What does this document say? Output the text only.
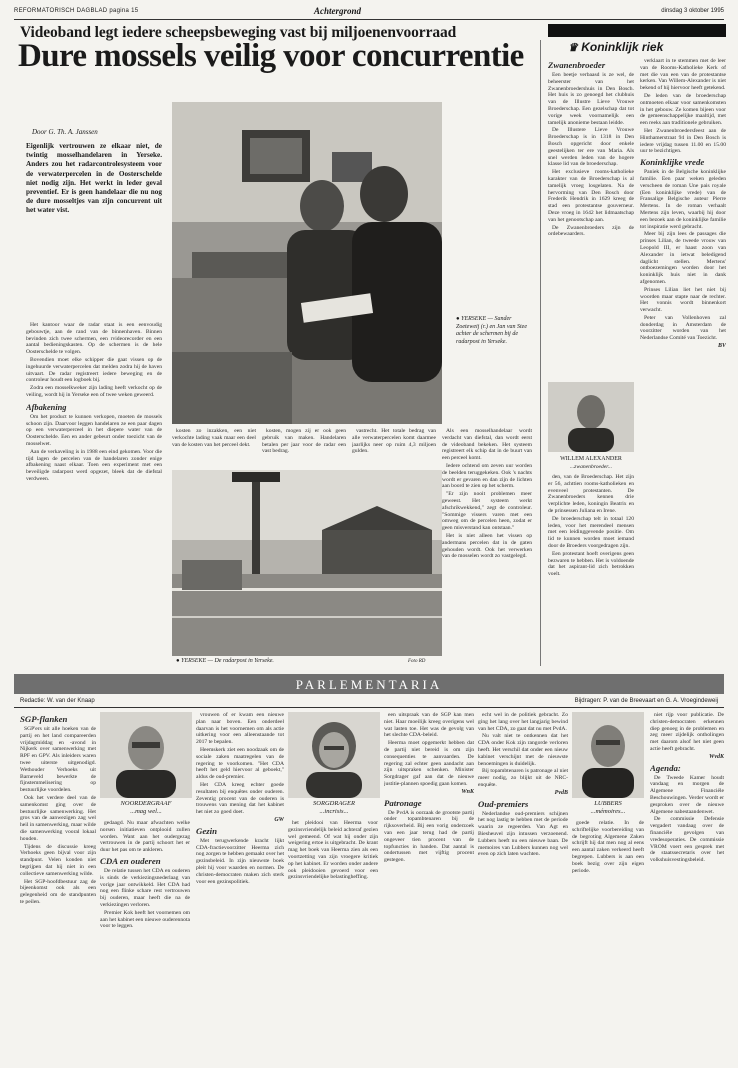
REFORMATORISCH DAGBLAD pagina 15	Achtergrond	dinsdag 3 oktober 1995
Videoband legt iedere scheepsbeweging vast bij miljoenenvoorraad
Dure mossels veilig voor concurrentie	♛ Koninklijk riek
Door G. Th. A. Janssen
Eigenlijk vertrouwen ze elkaar niet, de twintig mosselhandelaren in Yerseke. Anders zou het radarcontrolesysteem voor de verwaterpercelen in de Oosterschelde niet nodig zijn. Het werkt in leder geval preventief. Er is geen handelaar die nu nog de dure mosseltjes van zijn concurrent uit het water vist.

Het kantoor waar de radar staat is een eenvoudig gebouwtje, aan de rand van de binnenhaven. Binnen bevinden zich twee schermen, een rvideorecorder en een aantal bedieningskasten. Op de schermen is de hele Oosterschelde te volgen.

Bovendien moet elke schipper die gaat vissen op de ingehuurde verwaterpercelen dat melden zodra hij de haven uitvaart. De radar registreert iedere beweging en de controleur houdt een logboek bij.

Zodra een mosselkweker zijn lading heeft verkocht op de veiling, wordt hij in Yerseke een of twee weken geweerd.

Afbakening

Om het product te kunnen verkopen, moeten de mossels schoon zijn. Daarvoor leggen handelaren ze een paar dagen op een verwaterperceel in het diepere water van de Oosterschelde. Een en ander gebeurt onder toezicht van de mosselwet.

Aan de verkaveling is in 1988 een eind gekomen. Voor die tijd lagen de percelen van de handelaren zonder enige afbakening naast elkaar. Toen een experiment met een beveiligde radarpost werd opgezet, bleek dat de diefstal verdween.

kosten zo inzakken, een niet verkochte lading vaak maar een deel van de kosten van het perceel dekt.

kosten, mogen zij er ook geen gebruik van maken. Handelaren betalen per jaar voor de radar een vast bedrag.

vastrecht. Het totale bedrag van alle verwaterpercelen komt daarmee jaarlijks neer op ruim 4,3 miljoen gulden.

Als een mosselhandelaar wordt verdacht van diefstal, dan wordt eerst de videoband bekeken. Het systeem registreert elk schip dat in de buurt van een perceel komt.

Iedere ochtend om zeven uur worden de beelden teruggekeken. Ook 's nachts wordt er gevaren en dan zijn de lichten aan boord te zien op het scherm.

"Er zijn nooit problemen meer geweest. Het systeem werkt afschrikwekkend," zegt de controleur. "Sommige vissers varen met een omweg om de percelen heen, zodat er geen misverstand kan ontstaan."

Het is niet alleen het vissen op andermans percelen dat in de gaten gehouden wordt. Ook het verwerken van de mosselen wordt zo vastgelegd.

● YERSEKE — Sander Zoeteweij (r.) en Jan van Stee achter de schermen bij de radarpost in Yerseke.
● YERSEKE — De radarpost in Yerseke.	Foto RD
Zwanenbroeder

Een beetje verbaasd is ze wel, de beheerster van het Zwanenbroedershuis in Den Bosch. Het huis is zo genoegd het clubhuis van de Illustre Lieve Vrouwe Broederschap. Een gezelschap dat tot vorige week voornamelijk een tamelijk anonieme bestaan leidde.

De Illustere Lieve Vrouwe Broederschap is in 1318 in Den Bosch opgericht door enkele geestelijken ter ere van Maria. Als snel werden leden van de hogere klasse lid van de broederschap.

Het exclusieve rooms-katholieke karakter van de Broederschap is al tamelijk vroeg losgelaten. Na de hervorming van Den Bosch door Frederik Hendrik in 1629 kreeg de stad een protestantse gouverneur. Deze vroeg in 1642 het lidmaatschap van het genootschap aan.

De Zwanenbroeders zijn de ordebewaarders.

WILLEM ALEXANDER
...zwanenbroeder...

den, van de Broederschap. Het zijn er 56, achttien rooms-katholieken en evenveel protestanten. De Zwanenbroeders kennen drie verplichte leden, koningin Beatrix en de prinsessen Juliana en Irene.

De broederschap telt in totaal 120 leden, voor het merendeel mensen met een leidinggevende positie. Om lid te kunnen worden moet iemand door de Broeders voorgedragen zijn.

Een protestant hoeft overigens geen bezwaren te hebben. Het is voldoende dat het aspirant-lid zich betrokken voelt.

verklaart in te stemmen met de leer van de Rooms-Katholieke Kerk of met die van een van de protestantse kerken. Van Willem-Alexander is niet bekend of hij hiervoor heeft getekend.

De leden van de broederschap ontmoeten elkaar voor samenkomsten in het gebouw. Ze komen bijeen voor de gemeenschappelijke maaltijd, met een reeks aan traditionele gebruiken.

Het Zwanenbroedersfeest aan de Hinthamerstraat 94 in Den Bosch is iedere vrijdag tussen 11.00 en 15.00 uur te bezichtigen.

Koninklijke vrede

Paniek in de Belgische koninklijke familie. Een paar weken geleden verscheen de roman Une pais royale (Een koninklijke vrede) van de Fransalige Belgische auteur Pierre Mertens. In de roman verhaalt Mertens zijn leven, waarbij hij door een bezoek aan de koninklijke familie tot inspiratie werd gebracht.

Meer bij zijn lees de passages die prinses Lilian, de tweede vrouw van Leopold III, er haast zoon van Alexander in ietwat beledigend daglicht stellen. Mertens' ontboezemingen worden door het koninklijk huis niet in dank afgenomen.

Prinses Lilian liet het niet bij woorden maar stapte naar de rechter. Het vonnis wordt binnenkort verwacht.

Peter van Vollenhoven zal donderdag in Amsterdam de voorzitter worden van het Nederlandse Comité van Toezicht.

BV
PARLEMENTARIA
Redactie: W. van der Knaap	Bijdragen: P. van de Breevaart en G. A. Vroegindeweij
SGP-flanken

SGP'ers uit alle hoeken van de partij en het land compareerden vrijdagmiddag en -avond in Nijkerk over samenwerking met RPF en GPV. Als inleiders waren twee uiterste uitgenodigd. Wethouder Verhoeks uit Barneveld bewerkte de fijnstemmelisering op bestuurlijke voordelen.

Ook het verdere deel van de samenkomst ging over de bestuurlijke samenwerking. Het gros van de aanwezigen zag wel heil in samenwerking, maar wilde die samenwerking vooral lokaal houden.

Tijdens de discussie kreeg Verhoeks geen bijval voor zijn standpunt. Velen konden niet begrijpen dat hij niet in een collectieve samenwerking wilde.

Het SGP-hoofdbestuur zag de bijeenkomst ook als een gelegenheid om de standpunten te peilen.

NOORDERGRAAF
...mag wel...

gedaagd. Nu maar afwachten welke norsen initiatieven ontplooid zullen worden. Want aan het oudergezag vertrouwen in de partij schoort het er duur het pas om te ankleren.

CDA en ouderen

De relatie tussen het CDA en ouderen is sinds de verkiezingsnederlaag van vorige jaar ontwikkeld. Het CDA had nog een flinke schare rest vertrouwen bij ouderen, maar heeft die na de verkiezingen verloren.

Premier Kok heeft het voornemen om aan het kabinet een nieuwe ouderennota voor te leggen.

vrouwen of er kwam een nieuwe plan naar boven. Een onderdeel daarvan is het voornemen om als actie uitkering voor een alleenstaande tot 2017 te bepalen.

Heemskerk ziet een noodzaak om de sociale zaken maatregelen van de regering te voorkomen. "Het CDA heeft het geld hiervoor al geboekt," aldus de oud-premier.

Het CDA kreeg echter goede resultaten bij enquêtes onder ouderen. Zeventig procent van de ouderen is trouwens van mening dat het kabinet het niet zo goed doet.

GW
Gezin

Met terugwerkende kracht lijkt CDA-fractievoorzitter Heerma zich nog zorgen te hebben gemaakt over het gezinsbeleid. In zijn nieuwste boek pleit hij voor waarden en normen. De christen-democraten maken zich sterk voor een gezinspolitiek.

SORGDRAGER
...incrisis...

het pleidooi van Heerma voor gezinsvriendelijk beleid achteraf gezien wel gemeend. Of wat hij onder zijn weigering ertoe is uitgebracht. De krant mag het boek van Heerma zien als een voortzetting van zijn vroegere kritiek op het kabinet. Er worden onder andere ook pleidooien gevoerd voor een gezinsvriendelijke belastingheffing.

een uitspraak van de SGP kan men niet. Haar moeilijk kreeg overigens wel wat lasten toe. Het was de gevolg van het slechte CDA-beleid.

Heerma moet opgemerkt hebben dat de partij niet bereid is om zijn consequenties te aanvaarden. De regering zal echter geen aandacht aan zijn uitspraken schenken. Minister Sorgdrager gaf aan dat de nieuwe justitie-plannen spoedig gaan komen.

WnK
Patronage

De PvdA is oorzaak de grootste partij onder topambtenaren bij de rijksoverheid. Bij een vorig onderzoek van een jaar terug had de partij ongeveer tien procent van de topfuncties in handen. Dat aantal is ondertussen met vijftig procent gestegen.

echt wel in de politiek gebracht. Zo ging het lang over het langjarig bewind van het CDA, zo gaat dat nu met PvdA.

Nu valt niet te ontkennen dat het CDA onder Kok zijn rangorde verloren heeft. Het verschil dat onder een nieuw kabinet verschijnt met de nieuwste benoemingen is duidelijk.

Bij topambtenaren is patronage al niet meer nodig, zo blijkt uit de NRC-enquête.

PvdB
Oud-premiers

Nederlandse oud-premiers schijnen het nog lastig te hebben met de periode waarin ze regeerden. Van Agt en Biesheuvel zijn intussen verzoenend. Lubbers heeft nu een nieuwe baan. De memoires van Lubbers kunnen nog wel even op zich laten wachten.

LUBBERS
...mémoires...

goede relatie. In de schriftelijke voorbereiding van de begroting Algemene Zaken schrijft hij dat men nog al eens een aantal zaken verkeerd heeft begrepen. Lubbers is aan een boek bezig over zijn eigen periode.

niet rijp voor publicatie. De christen-democraten erkennen diep genoeg in de problemen en zeg meer zijdelijk ontholingen met daarom alsof het niet geen actie heeft gebracht.

WvdK
Agenda:

De Tweede Kamer houdt vandaag en morgen de Algemene Financiële Beschouwingen. Verder wordt er gesproken over de nieuwe Algemene nabestaandenwet.

De commissie Defensie vergadert vandaag over de financiële gevolgen van vredesoperaties. De commissie VROM voert een gesprek met de staatssecretaris over het volkshuisvestingsbeleid.
